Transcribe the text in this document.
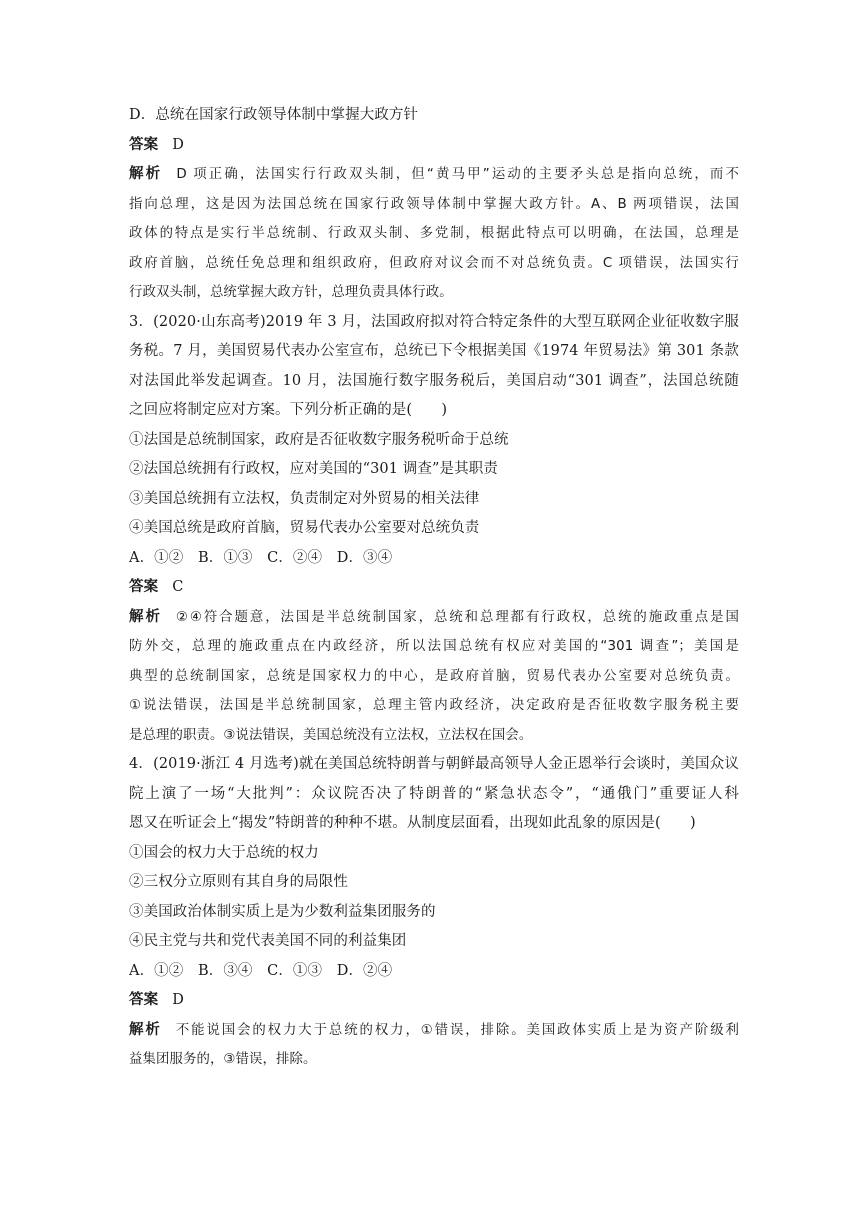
D．总统在国家行政领导体制中掌握大政方针
答案 D
解析 D 项正确，法国实行行政双头制，但“黄马甲”运动的主要矛头总是指向总统，而不
指向总理，这是因为法国总统在国家行政领导体制中掌握大政方针。A、B 两项错误，法国
政体的特点是实行半总统制、行政双头制、多党制，根据此特点可以明确，在法国，总理是
政府首脑，总统任免总理和组织政府，但政府对议会而不对总统负责。C 项错误，法国实行
行政双头制，总统掌握大政方针，总理负责具体行政。
3．(2020·山东高考)2019 年 3 月，法国政府拟对符合特定条件的大型互联网企业征收数字服
务税。7 月，美国贸易代表办公室宣布，总统已下令根据美国《1974 年贸易法》第 301 条款
对法国此举发起调查。10 月，法国施行数字服务税后，美国启动“301 调查”，法国总统随
之回应将制定应对方案。下列分析正确的是(　　)
①法国是总统制国家，政府是否征收数字服务税听命于总统
②法国总统拥有行政权，应对美国的“301 调查”是其职责
③美国总统拥有立法权，负责制定对外贸易的相关法律
④美国总统是政府首脑，贸易代表办公室要对总统负责
A．①②　B．①③　C．②④　D．③④
答案 C
解析 ②④符合题意，法国是半总统制国家，总统和总理都有行政权，总统的施政重点是国
防外交，总理的施政重点在内政经济，所以法国总统有权应对美国的“301 调查”；美国是
典型的总统制国家，总统是国家权力的中心，是政府首脑，贸易代表办公室要对总统负责。
①说法错误，法国是半总统制国家，总理主管内政经济，决定政府是否征收数字服务税主要
是总理的职责。③说法错误，美国总统没有立法权，立法权在国会。
4．(2019·浙江 4 月选考)就在美国总统特朗普与朝鲜最高领导人金正恩举行会谈时，美国众议
院上演了一场“大批判”：众议院否决了特朗普的“紧急状态令”，“通俄门”重要证人科
恩又在听证会上“揭发”特朗普的种种不堪。从制度层面看，出现如此乱象的原因是(　　)
①国会的权力大于总统的权力
②三权分立原则有其自身的局限性
③美国政治体制实质上是为少数利益集团服务的
④民主党与共和党代表美国不同的利益集团
A．①②　B．③④　C．①③　D．②④
答案 D
解析 不能说国会的权力大于总统的权力，①错误，排除。美国政体实质上是为资产阶级利
益集团服务的，③错误，排除。
